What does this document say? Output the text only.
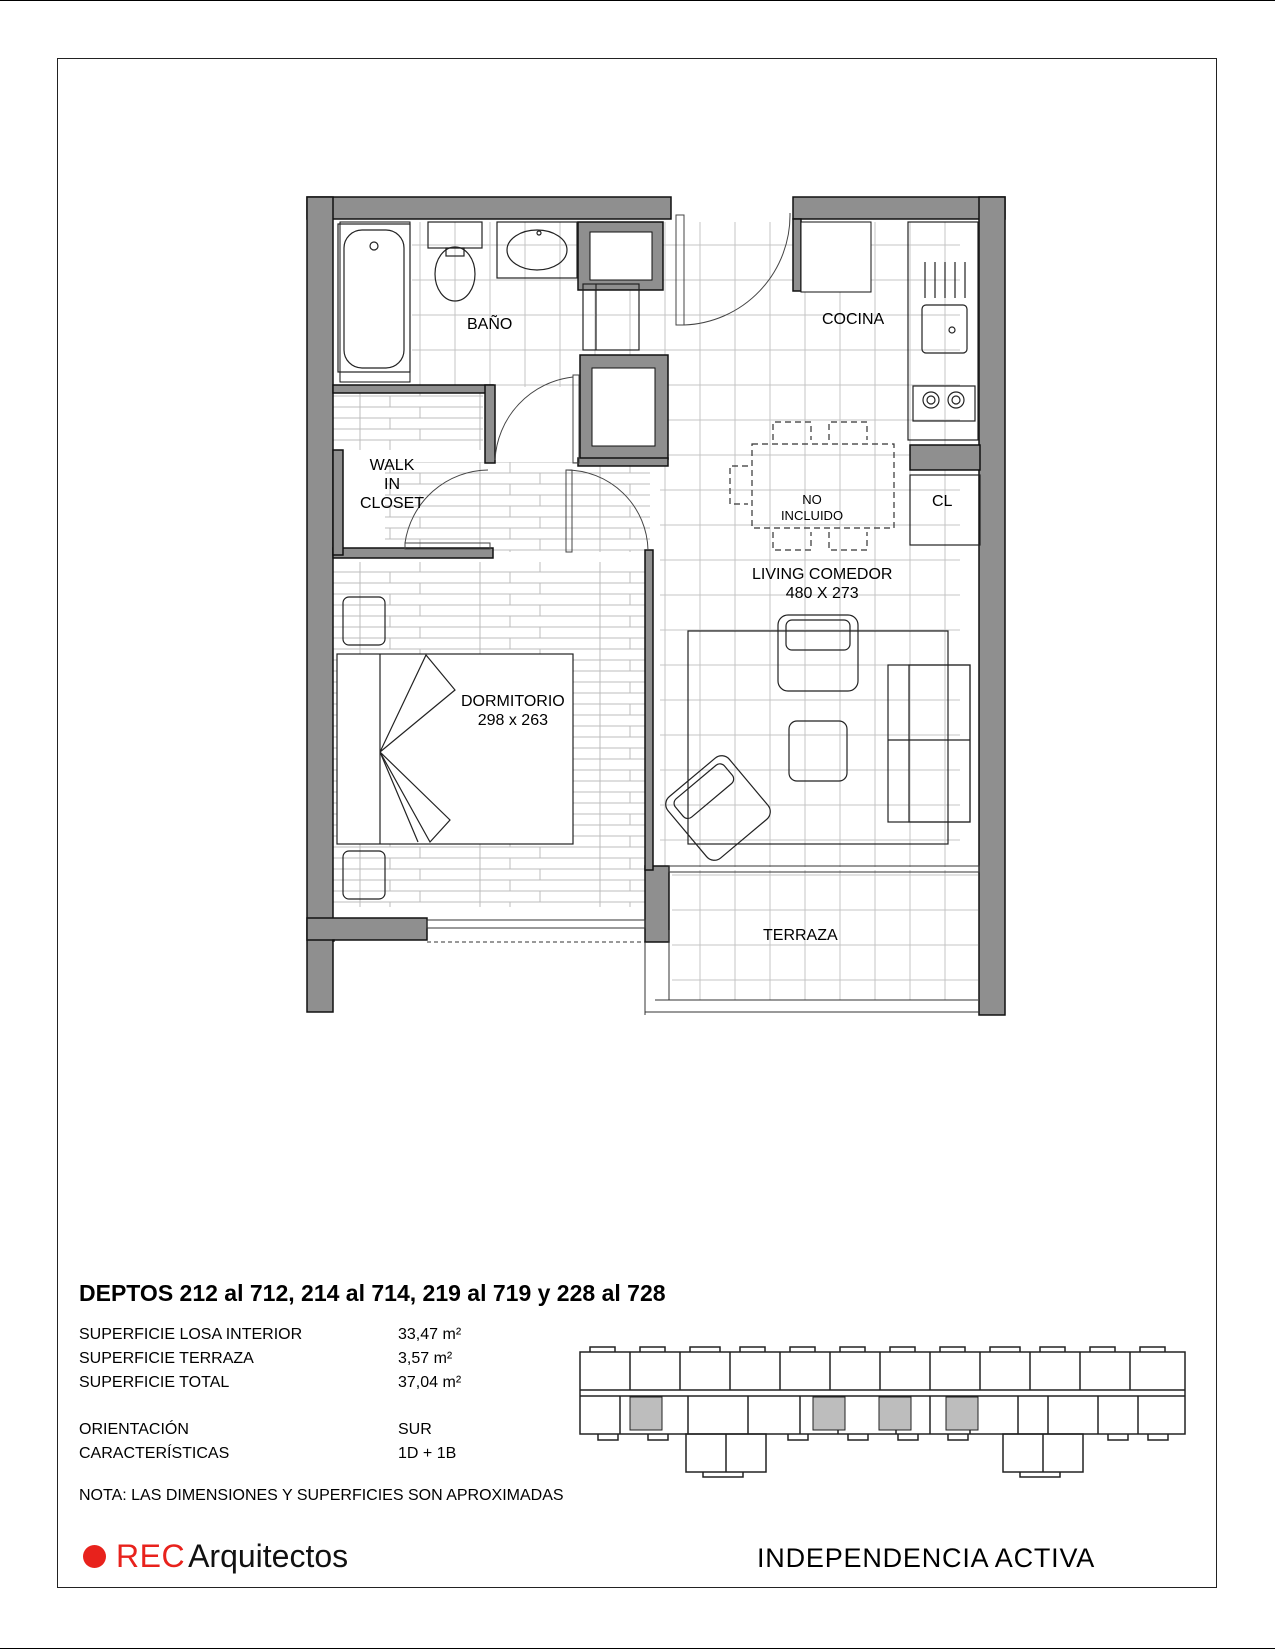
BAÑO	COCINA
WALK
IN
CLOSET	CL
NO
INCLUIDO
LIVING COMEDOR
480 X 273
DORMITORIO
298 x 263
TERRAZA
DEPTOS 212 al 712, 214 al 714, 219 al 719 y 228 al 728
SUPERFICIE LOSA INTERIOR	33,47 m²
SUPERFICIE TERRAZA	3,57 m²
SUPERFICIE TOTAL	37,04 m²
ORIENTACIÓN	SUR
CARACTERÍSTICAS	1D + 1B
NOTA: LAS DIMENSIONES Y SUPERFICIES SON APROXIMADAS
REC Arquitectos	INDEPENDENCIA ACTIVA
